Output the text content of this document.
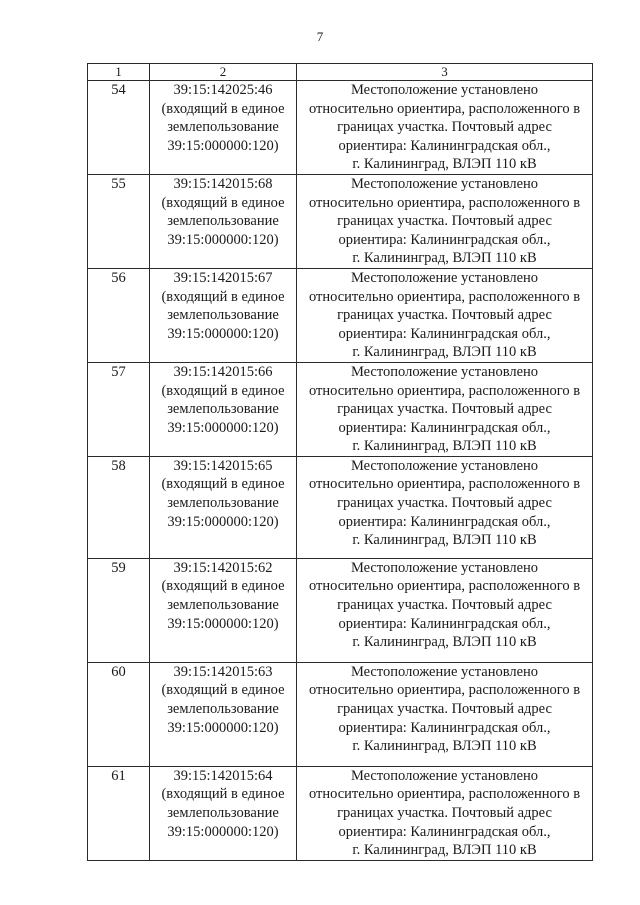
7
1	2	3
54	39:15:142025:46
(входящий в единое
землепользование
39:15:000000:120)	Местоположение установлено
относительно ориентира, расположенного в
границах участка. Почтовый адрес
ориентира: Калининградская обл.,
г. Калининград, ВЛЭП 110 кВ

55	39:15:142015:68
(входящий в единое
землепользование
39:15:000000:120)	Местоположение установлено
относительно ориентира, расположенного в
границах участка. Почтовый адрес
ориентира: Калининградская обл.,
г. Калининград, ВЛЭП 110 кВ

56	39:15:142015:67
(входящий в единое
землепользование
39:15:000000:120)	Местоположение установлено
относительно ориентира, расположенного в
границах участка. Почтовый адрес
ориентира: Калининградская обл.,
г. Калининград, ВЛЭП 110 кВ

57	39:15:142015:66
(входящий в единое
землепользование
39:15:000000:120)	Местоположение установлено
относительно ориентира, расположенного в
границах участка. Почтовый адрес
ориентира: Калининградская обл.,
г. Калининград, ВЛЭП 110 кВ

58	39:15:142015:65
(входящий в единое
землепользование
39:15:000000:120)	Местоположение установлено
относительно ориентира, расположенного в
границах участка. Почтовый адрес
ориентира: Калининградская обл.,
г. Калининград, ВЛЭП 110 кВ

59	39:15:142015:62
(входящий в единое
землепользование
39:15:000000:120)	Местоположение установлено
относительно ориентира, расположенного в
границах участка. Почтовый адрес
ориентира: Калининградская обл.,
г. Калининград, ВЛЭП 110 кВ

60	39:15:142015:63
(входящий в единое
землепользование
39:15:000000:120)	Местоположение установлено
относительно ориентира, расположенного в
границах участка. Почтовый адрес
ориентира: Калининградская обл.,
г. Калининград, ВЛЭП 110 кВ

61	39:15:142015:64
(входящий в единое
землепользование
39:15:000000:120)	Местоположение установлено
относительно ориентира, расположенного в
границах участка. Почтовый адрес
ориентира: Калининградская обл.,
г. Калининград, ВЛЭП 110 кВ
